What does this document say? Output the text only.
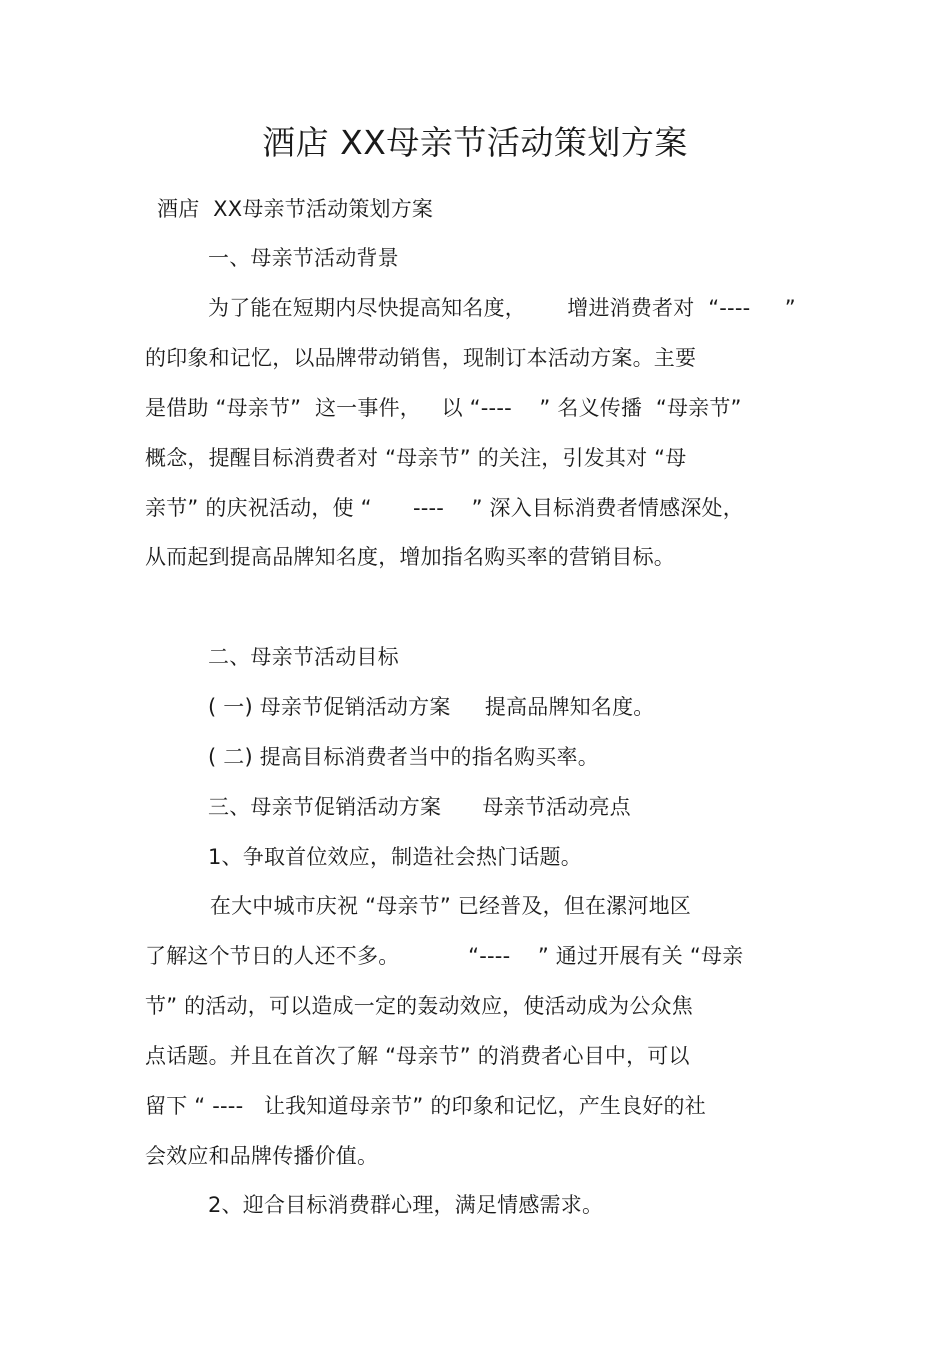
酒店 XX母亲节活动策划方案
酒店  XX母亲节活动策划方案
一、母亲节活动背景
为了能在短期内尽快提高知名度，      增进消费者对  “----     ”
的印象和记忆，以品牌带动销售，现制订本活动方案。主要
是借助 “母亲节”  这一事件，   以 “----    ” 名义传播  “母亲节”
概念，提醒目标消费者对 “母亲节” 的关注，引发其对 “母
亲节” 的庆祝活动，使 “      ----    ” 深入目标消费者情感深处，
从而起到提高品牌知名度，增加指名购买率的营销目标。
二、母亲节活动目标
( 一) 母亲节促销活动方案     提高品牌知名度。
( 二) 提高目标消费者当中的指名购买率。
三、母亲节促销活动方案      母亲节活动亮点
1、争取首位效应，制造社会热门话题。
在大中城市庆祝 “母亲节” 已经普及，但在漯河地区
了解这个节日的人还不多。          “----    ” 通过开展有关 “母亲
节” 的活动，可以造成一定的轰动效应，使活动成为公众焦
点话题。并且在首次了解 “母亲节” 的消费者心目中，可以
留下 “ ----   让我知道母亲节” 的印象和记忆，产生良好的社
会效应和品牌传播价值。
2、迎合目标消费群心理，满足情感需求。
